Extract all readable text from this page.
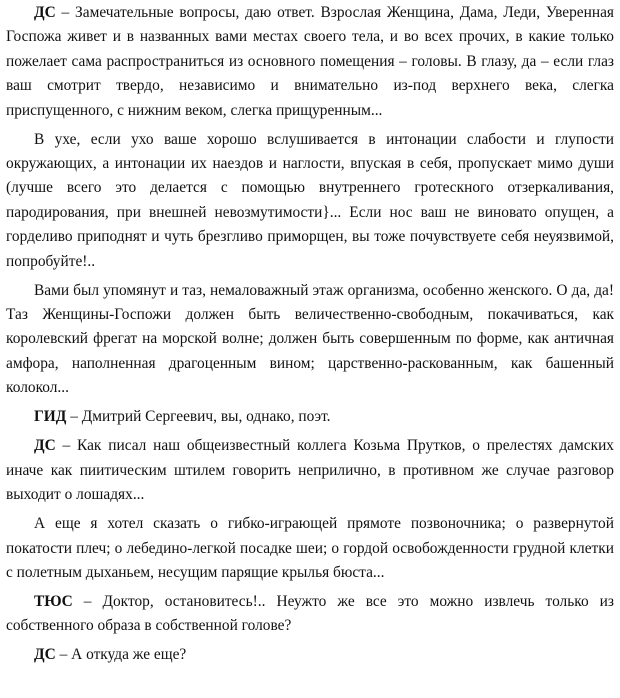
ДС – Замечательные вопросы, даю ответ. Взрослая Женщина, Дама, Леди, Уверенная Госпожа живет и в названных вами местах своего тела, и во всех прочих, в какие только пожелает сама распространиться из основного помещения – головы. В глазу, да – если глаз ваш смотрит твердо, независимо и внимательно из-под верхнего века, слегка приспущенного, с нижним веком, слегка прищуренным...

В ухе, если ухо ваше хорошо вслушивается в интонации слабости и глупости окружающих, а интонации их наездов и наглости, впуская в себя, пропускает мимо души (лучше всего это делается с помощью внутреннего гротескного отзеркаливания, пародирования, при внешней невозмутимости}... Если нос ваш не виновато опущен, а горделиво приподнят и чуть брезгливо приморщен, вы тоже почувствуете себя неуязвимой, попробуйте!..

Вами был упомянут и таз, немаловажный этаж организма, особенно женского. О да, да! Таз Женщины-Госпожи должен быть величественно-свободным, покачиваться, как королевский фрегат на морской волне; должен быть совершенным по форме, как античная амфора, наполненная драгоценным вином; царственно-раскованным, как башенный колокол...

ГИД – Дмитрий Сергеевич, вы, однако, поэт.

ДС – Как писал наш общеизвестный коллега Козьма Прутков, о прелестях дамских иначе как пиитическим штилем говорить неприлично, в противном же случае разговор выходит о лошадях...

А еще я хотел сказать о гибко-играющей прямоте позвоночника; о развернутой покатости плеч; о лебедино-легкой посадке шеи; о гордой освобожденности грудной клетки с полетным дыханьем, несущим парящие крылья бюста...

ТЮС – Доктор, остановитесь!.. Неужто же все это можно извлечь только из собственного образа в собственной голове?

ДС – А откуда же еще?
